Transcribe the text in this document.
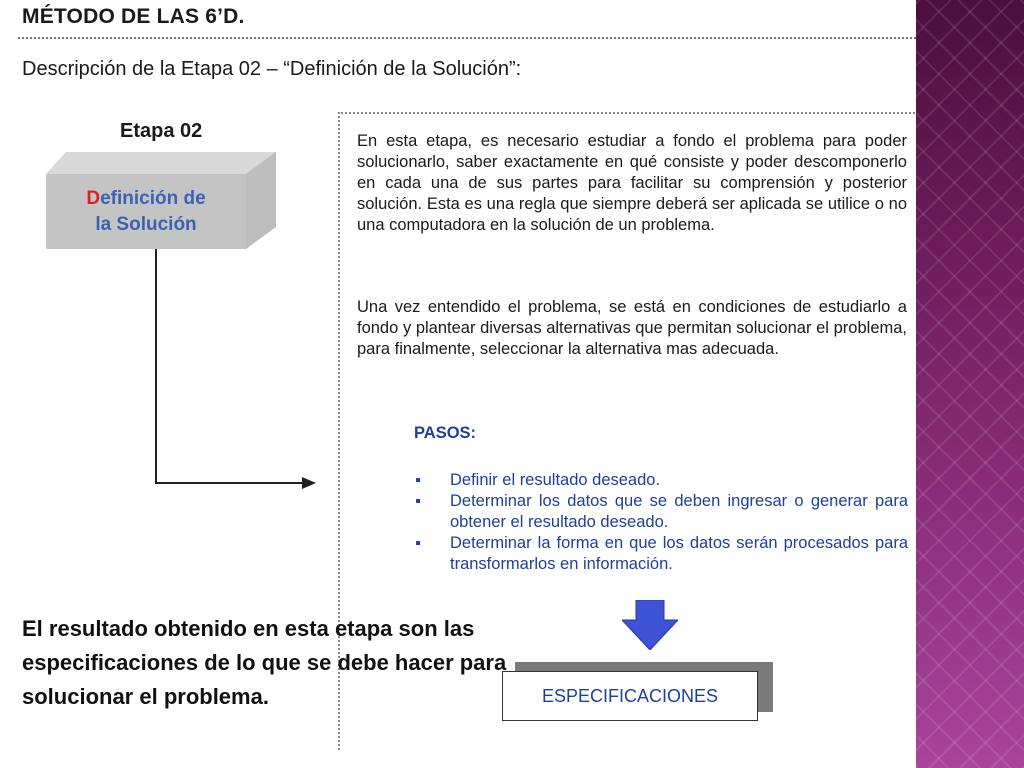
MÉTODO DE LAS 6’D.
Descripción de la Etapa 02 – “Definición de la Solución”:
Etapa 02
Definición de
la Solución

En esta etapa, es necesario estudiar a fondo el problema para poder solucionarlo, saber exactamente en qué consiste y poder descomponerlo en cada una de sus partes para facilitar su comprensión y posterior solución. Esta es una regla que siempre deberá ser aplicada se utilice o no una computadora en la solución de un problema.

Una vez entendido el problema, se está en condiciones de estudiarlo a fondo y plantear diversas alternativas que permitan solucionar el problema, para finalmente, seleccionar la alternativa mas adecuada.

PASOS:
▪ Definir el resultado deseado.
▪ Determinar los datos que se deben ingresar o generar para obtener el resultado deseado.
▪ Determinar la forma en que los datos serán procesados para transformarlos en información.
ESPECIFICACIONES

El resultado obtenido en esta etapa son las especificaciones de lo que se debe hacer para solucionar el problema.
